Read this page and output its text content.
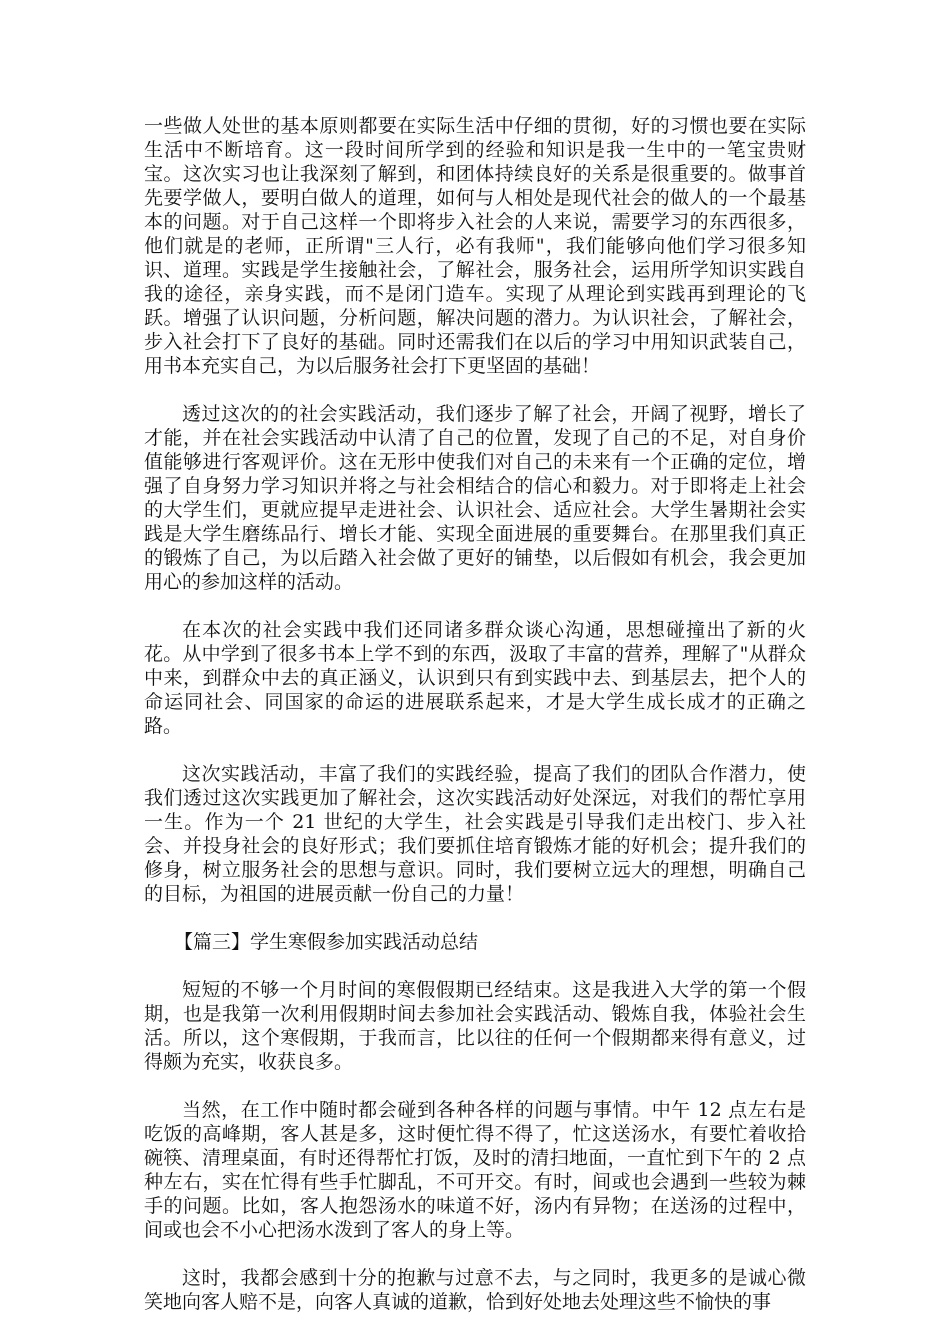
一些做人处世的基本原则都要在实际生活中仔细的贯彻，好的习惯也要在实际生活中不断培育。这一段时间所学到的经验和知识是我一生中的一笔宝贵财宝。这次实习也让我深刻了解到，和团体持续良好的关系是很重要的。做事首先要学做人，要明白做人的道理，如何与人相处是现代社会的做人的一个最基本的问题。对于自己这样一个即将步入社会的人来说，需要学习的东西很多，他们就是的老师，正所谓"三人行，必有我师"，我们能够向他们学习很多知识、道理。实践是学生接触社会，了解社会，服务社会，运用所学知识实践自我的途径，亲身实践，而不是闭门造车。实现了从理论到实践再到理论的飞跃。增强了认识问题，分析问题，解决问题的潜力。为认识社会，了解社会，步入社会打下了良好的基础。同时还需我们在以后的学习中用知识武装自己，用书本充实自己，为以后服务社会打下更坚固的基础！

透过这次的的社会实践活动，我们逐步了解了社会，开阔了视野，增长了才能，并在社会实践活动中认清了自己的位置，发现了自己的不足，对自身价值能够进行客观评价。这在无形中使我们对自己的未来有一个正确的定位，增强了自身努力学习知识并将之与社会相结合的信心和毅力。对于即将走上社会的大学生们，更就应提早走进社会、认识社会、适应社会。大学生暑期社会实践是大学生磨练品行、增长才能、实现全面进展的重要舞台。在那里我们真正的锻炼了自己，为以后踏入社会做了更好的铺垫，以后假如有机会，我会更加用心的参加这样的活动。

在本次的社会实践中我们还同诸多群众谈心沟通，思想碰撞出了新的火花。从中学到了很多书本上学不到的东西，汲取了丰富的营养，理解了"从群众中来，到群众中去的真正涵义，认识到只有到实践中去、到基层去，把个人的命运同社会、同国家的命运的进展联系起来，才是大学生成长成才的正确之路。

这次实践活动，丰富了我们的实践经验，提高了我们的团队合作潜力，使我们透过这次实践更加了解社会，这次实践活动好处深远，对我们的帮忙享用一生。作为一个 21 世纪的大学生，社会实践是引导我们走出校门、步入社会、并投身社会的良好形式；我们要抓住培育锻炼才能的好机会；提升我们的修身，树立服务社会的思想与意识。同时，我们要树立远大的理想，明确自己的目标，为祖国的进展贡献一份自己的力量！

【篇三】学生寒假参加实践活动总结

短短的不够一个月时间的寒假假期已经结束。这是我进入大学的第一个假期，也是我第一次利用假期时间去参加社会实践活动、锻炼自我，体验社会生活。所以，这个寒假期，于我而言，比以往的任何一个假期都来得有意义，过得颇为充实，收获良多。

当然，在工作中随时都会碰到各种各样的问题与事情。中午 12 点左右是吃饭的高峰期，客人甚是多，这时便忙得不得了，忙这送汤水，有要忙着收拾碗筷、清理桌面，有时还得帮忙打饭，及时的清扫地面，一直忙到下午的 2 点种左右，实在忙得有些手忙脚乱，不可开交。有时，间或也会遇到一些较为棘手的问题。比如，客人抱怨汤水的味道不好，汤内有异物；在送汤的过程中，间或也会不小心把汤水泼到了客人的身上等。

这时，我都会感到十分的抱歉与过意不去，与之同时，我更多的是诚心微笑地向客人赔不是，向客人真诚的道歉，恰到好处地去处理这些不愉快的事
